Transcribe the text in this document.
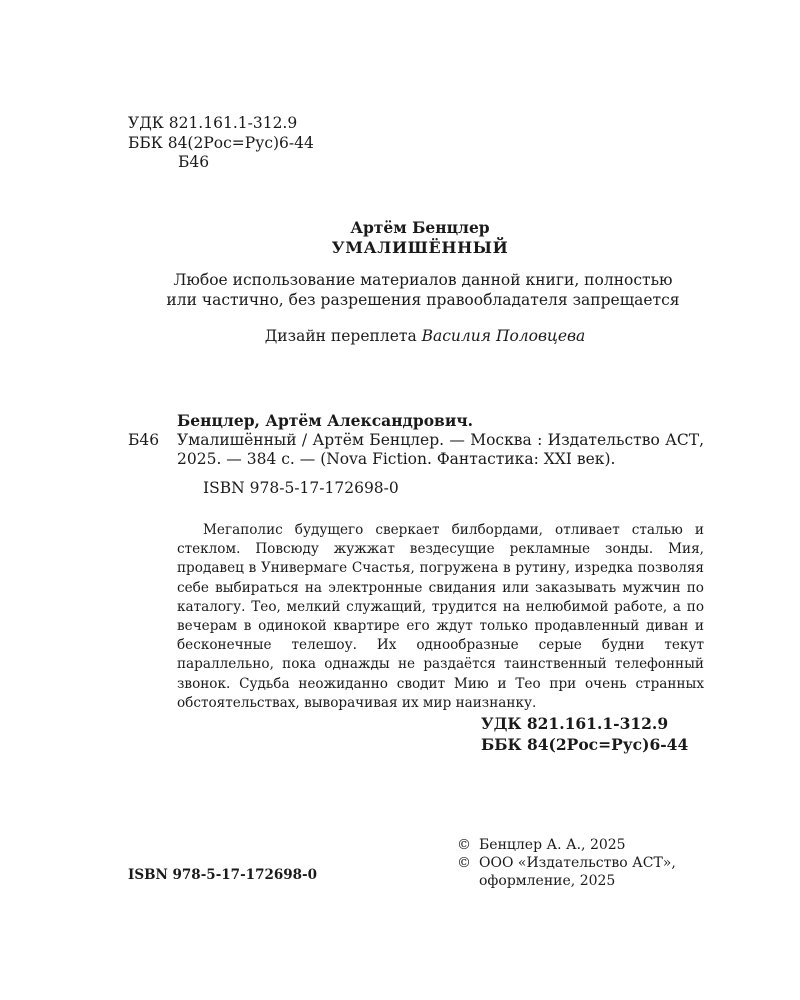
УДК 821.161.1-312.9
ББК 84(2Рос=Рус)6-44
Б46
Артём Бенцлер
УМАЛИШЁННЫЙ
Любое использование материалов данной книги, полностью
или частично, без разрешения правообладателя запрещается
Дизайн переплета Василия Половцева
Бенцлер, Артём Александрович.
Б46	Умалишённый / Артём Бенцлер. — Москва : Издательство АСТ, 2025. — 384 с. — (Nova Fiction. Фантастика: XXI век).
ISBN 978-5-17-172698-0
Мегаполис будущего сверкает билбордами, отливает сталью и стеклом. Повсюду жужжат вездесущие рекламные зонды. Мия, продавец в Универмаге Счастья, погружена в рутину, изредка позволяя себе выбираться на электронные свидания или заказывать мужчин по каталогу. Тео, мелкий служащий, трудится на нелюбимой работе, а по вечерам в одинокой квартире его ждут только продавленный диван и бесконечные телешоу. Их однообразные серые будни текут параллельно, пока однажды не раздаётся таинственный телефонный звонок. Судьба неожиданно сводит Мию и Тео при очень странных обстоятельствах, выворачивая их мир наизнанку.
УДК 821.161.1-312.9
ББК 84(2Рос=Рус)6-44
© Бенцлер А. А., 2025
© ООО «Издательство АСТ»,
оформление, 2025
ISBN 978-5-17-172698-0
